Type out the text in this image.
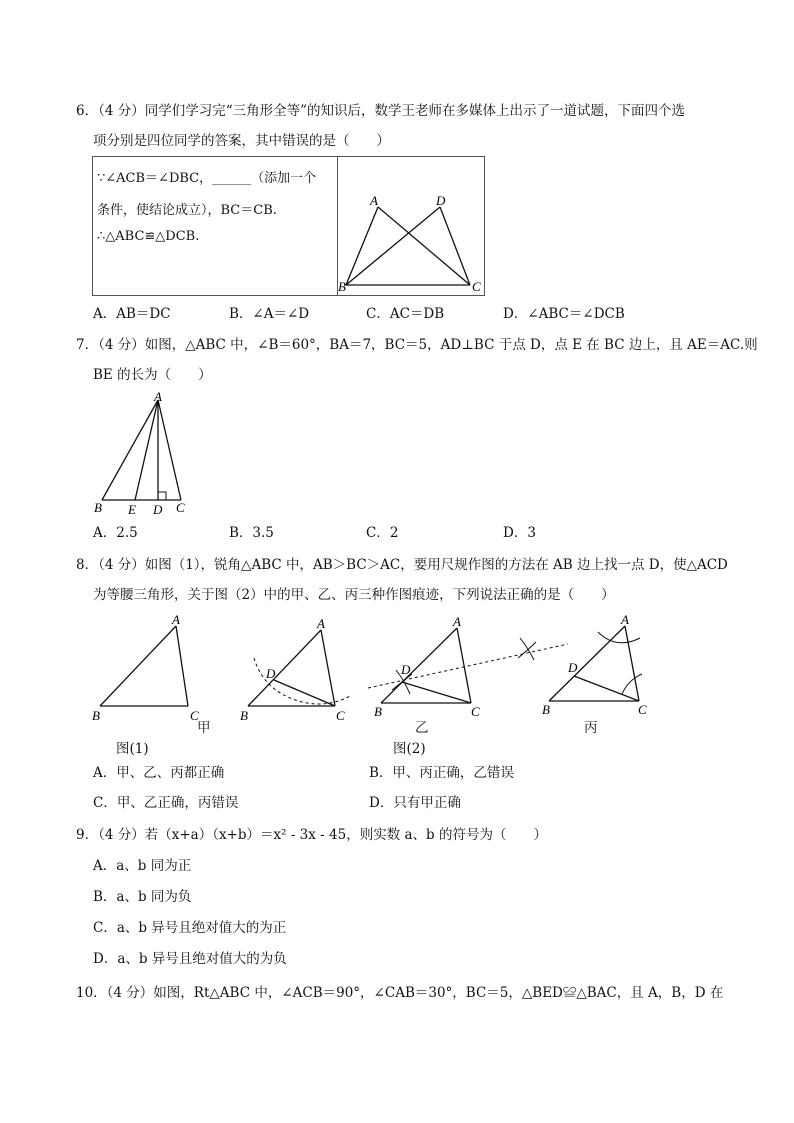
6．（4 分）同学们学习完“三角形全等”的知识后，数学王老师在多媒体上出示了一道试题，下面四个选
项分别是四位同学的答案，其中错误的是（　　）
∵∠ACB＝∠DBC，______（添加一个
条件，使结论成立），BC＝CB.
∴△ABC≌△DCB.

A	D
B	C
A．AB＝DC	B．∠A＝∠D	C．AC＝DB	D．∠ABC＝∠DCB
7．（4 分）如图，△ABC 中，∠B＝60°，BA＝7，BC＝5，AD⊥BC 于点 D，点 E 在 BC 边上，且 AE＝AC.则
BE 的长为（　　）
A
B E D C
A．2.5	B．3.5	C．2	D．3
8．（4 分）如图（1），锐角△ABC 中，AB＞BC＞AC，要用尺规作图的方法在 AB 边上找一点 D，使△ACD
为等腰三角形，关于图（2）中的甲、乙、丙三种作图痕迹，下列说法正确的是（　　）
A
B	C
A
D
B	C
A
D
B	C
A
D
B	C
甲	乙	丙
图(1)	图(2)
A．甲、乙、丙都正确	B．甲、丙正确，乙错误
C．甲、乙正确，丙错误	D．只有甲正确
9．（4 分）若（x+a）（x+b）＝x² - 3x - 45，则实数 a、b 的符号为（　　）
A．a、b 同为正
B．a、b 同为负
C．a、b 异号且绝对值大的为正
D．a、b 异号且绝对值大的为负
10．（4 分）如图，Rt△ABC 中，∠ACB＝90°，∠CAB＝30°，BC＝5，△BED≌△BAC，且 A，B，D 在
